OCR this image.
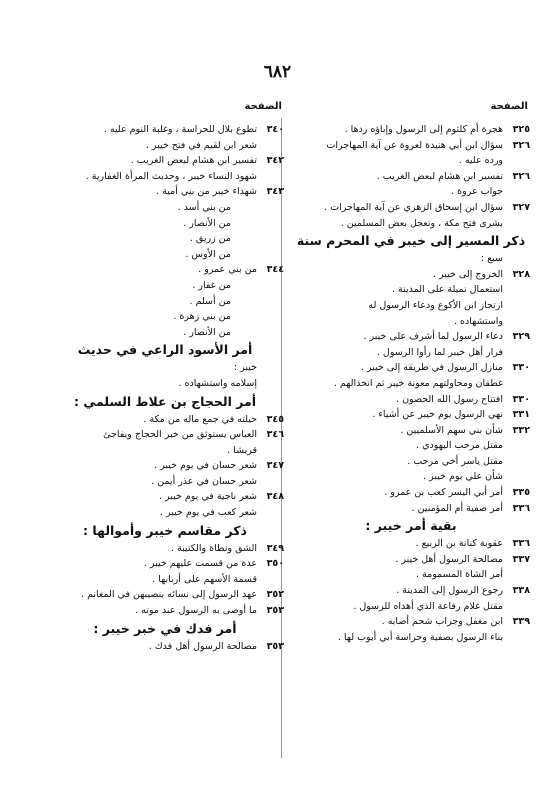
٦٨٢
الصفحة
٣٢٥
هجرة أم كلثوم إلى الرسول وإباؤه ردها .
٣٢٦
سؤال ابن أبي هنيدة لعروة عن آية المهاجرات
ورده عليه .
٣٢٦
تفسير ابن هشام لبعض الغريب .
جواب عروة .
٣٢٧
سؤال ابن إسحاق الزهري عن آية المهاجرات .
بشرى فتح مكة ، وتعجل بعض المسلمين .
ذكر المسير إلى خيبر في المحرم سنة
سبع :
٣٢٨
الخروج إلى خيبر .
استعمال نميلة على المدينة .
ارتجاز ابن الأكوع ودعاء الرسول له
واستشهاده .
٣٢٩
دعاء الرسول لما أشرف على خيبر .
فرار أهل خيبر لما رأوا الرسول .
٣٣٠
منازل الرسول في طريقه إلى خيبر .
غطفان ومحاولتهم معونة خيبر ثم انخذالهم .
٣٣٠
افتتاح رسول الله الحصون .
٣٣١
نهي الرسول يوم خيبر عن أشياء .
٣٣٢
شأن بني سهم الأسلميين .
مقتل مرحب اليهودي .
مقتل ياسر أخي مرحب .
شأن علي يوم خيبر .
٣٣٥
أمر أبي اليسر كعب بن عمرو .
٣٣٦
أمر صفية أم المؤمنين .
بقية أمر خيبر :
٣٣٦
عقوبة كنانة بن الربيع .
٣٣٧
مصالحة الرسول أهل خيبر .
أمر الشاة المسمومة .
٣٣٨
رجوع الرسول إلى المدينة .
مقتل غلام رفاعة الذي أهداه للرسول .
٣٣٩
ابن مغفل وجراب شحم أصابه .
بناء الرسول بصفية وحراسة أبي أيوب لها .
الصفحة
٣٤٠
تطوع بلال للحراسة ، وغلبة النوم عليه .
شعر ابن لقيم في فتح خيبر .
٣٤٢
تفسير ابن هشام لبعض الغريب .
شهود النساء خيبر ، وحديث المرأة الغفارية .
٣٤٣
شهداء خيبر من بني أمية .
من بني أسد .
من الأنصار .
من زريق .
من الأوس .
٣٤٤
من بني عمرو .
من غفار .
من أسلم .
من بني زهرة .
من الأنصار .
أمر الأسود الراعي في حديث
خيبر :
إسلامه واستشهاده .
أمر الحجاج بن علاط السلمي :
٣٤٥
حيلته في جمع ماله من مكة .
٣٤٦
العباس يستوثق من خبر الحجاج ويفاجئ
قريشا .
٣٤٧
شعر حسان في يوم خيبر .
شعر حسان في عذر أيمن .
٣٤٨
شعر ناجية في يوم خيبر .
شعر كعب في يوم خيبر .
ذكر مقاسم خيبر وأموالها :
٣٤٩
الشق ونطاة والكتيبة .
٣٥٠
عدة من قسمت عليهم خيبر .
قسمة الأسهم على أربابها .
٣٥٢
عهد الرسول إلى نسائه بنصيبهن في المغانم .
٣٥٣
ما أوصى به الرسول عند موته .
أمر فدك في خبر خيبر :
٣٥٣
مصالحة الرسول أهل فدك .
